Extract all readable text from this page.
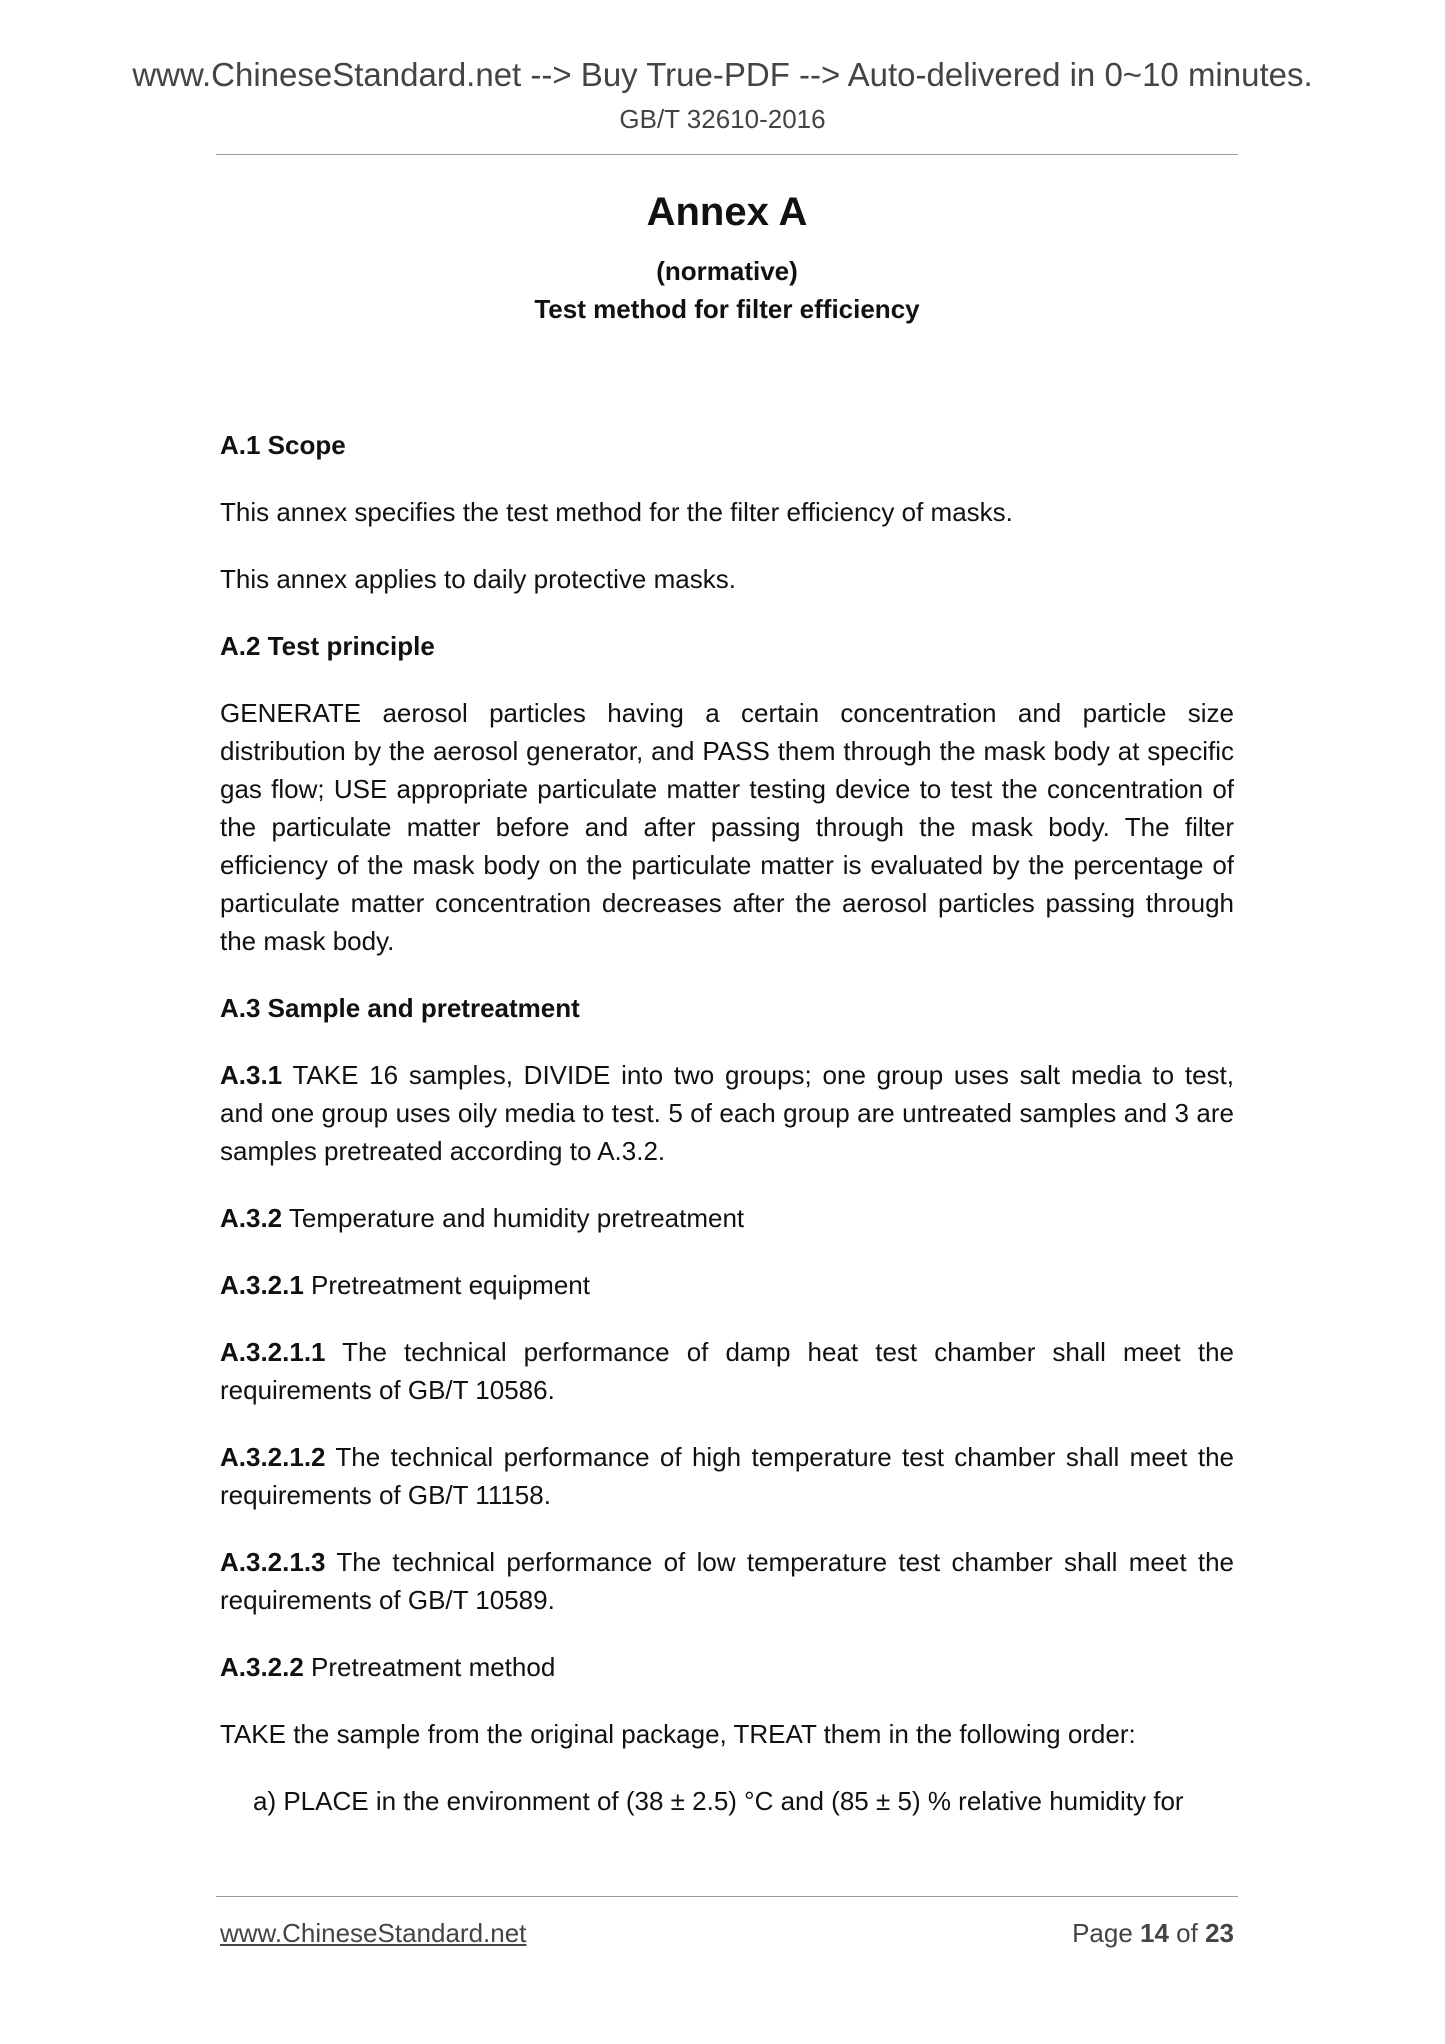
www.ChineseStandard.net --> Buy True-PDF --> Auto-delivered in 0~10 minutes.
GB/T 32610-2016
Annex A
(normative)
Test method for filter efficiency

A.1 Scope

This annex specifies the test method for the filter efficiency of masks.

This annex applies to daily protective masks.

A.2 Test principle

GENERATE aerosol particles having a certain concentration and particle size distribution by the aerosol generator, and PASS them through the mask body at specific gas flow; USE appropriate particulate matter testing device to test the concentration of the particulate matter before and after passing through the mask body. The filter efficiency of the mask body on the particulate matter is evaluated by the percentage of particulate matter concentration decreases after the aerosol particles passing through the mask body.

A.3 Sample and pretreatment

A.3.1 TAKE 16 samples, DIVIDE into two groups; one group uses salt media to test, and one group uses oily media to test. 5 of each group are untreated samples and 3 are samples pretreated according to A.3.2.

A.3.2 Temperature and humidity pretreatment

A.3.2.1 Pretreatment equipment

A.3.2.1.1 The technical performance of damp heat test chamber shall meet the requirements of GB/T 10586.

A.3.2.1.2 The technical performance of high temperature test chamber shall meet the requirements of GB/T 11158.

A.3.2.1.3 The technical performance of low temperature test chamber shall meet the requirements of GB/T 10589.

A.3.2.2 Pretreatment method

TAKE the sample from the original package, TREAT them in the following order:

a) PLACE in the environment of (38 ± 2.5) °C and (85 ± 5) % relative humidity for

www.ChineseStandard.net	Page 14 of 23
